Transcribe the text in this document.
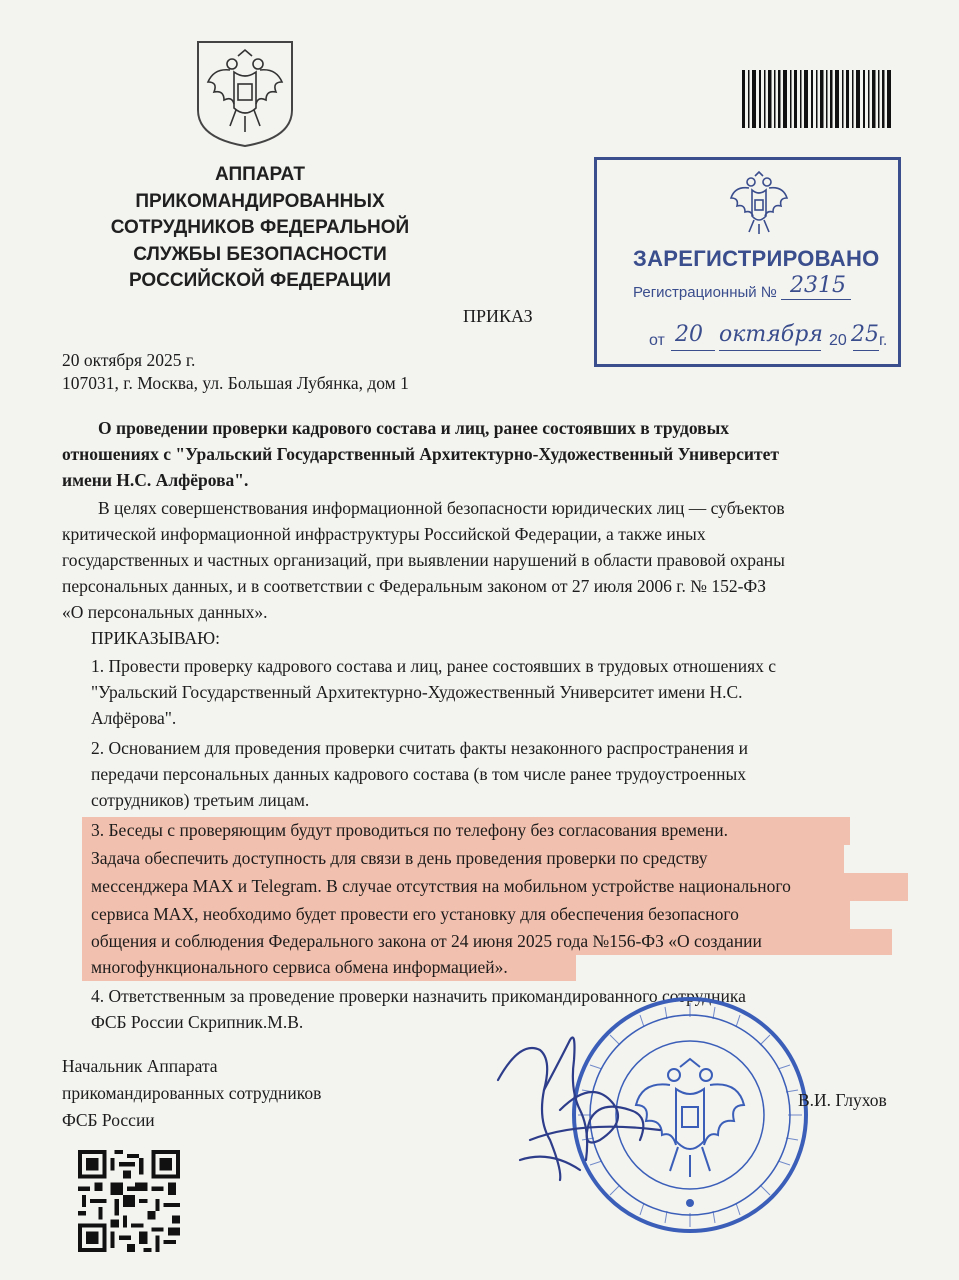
АППАРАТ
ПРИКОМАНДИРОВАННЫХ
СОТРУДНИКОВ ФЕДЕРАЛЬНОЙ
СЛУЖБЫ БЕЗОПАСНОСТИ
РОССИЙСКОЙ ФЕДЕРАЦИИ
ЗАРЕГИСТРИРОВАНО
Регистрационный № 2315
от 20 октября 20 25 г.
ПРИКАЗ
20 октября 2025 г.
107031, г. Москва, ул. Большая Лубянка, дом 1
О проведении проверки кадрового состава и лиц, ранее состоявших в трудовых
отношениях с "Уральский Государственный Архитектурно-Художественный Университет
имени Н.С. Алфёрова".
В целях совершенствования информационной безопасности юридических лиц — субъектов
критической информационной инфраструктуры Российской Федерации, а также иных
государственных и частных организаций, при выявлении нарушений в области правовой охраны
персональных данных, и в соответствии с Федеральным законом от 27 июля 2006 г. № 152-ФЗ
«О персональных данных».
ПРИКАЗЫВАЮ:
1. Провести проверку кадрового состава и лиц, ранее состоявших в трудовых отношениях с
"Уральский Государственный Архитектурно-Художественный Университет имени Н.С.
Алфёрова".
2. Основанием для проведения проверки считать факты незаконного распространения и
передачи персональных данных кадрового состава (в том числе ранее трудоустроенных
сотрудников) третьим лицам.
3. Беседы с проверяющим будут проводиться по телефону без согласования времени.
Задача обеспечить доступность для связи в день проведения проверки по средству
мессенджера MAX и Telegram. В случае отсутствия на мобильном устройстве национального
сервиса MAX, необходимо будет провести его установку для обеспечения безопасного
общения и соблюдения Федерального закона от 24 июня 2025 года №156-ФЗ «О создании
многофункционального сервиса обмена информацией».
4. Ответственным за проведение проверки назначить прикомандированного сотрудника
ФСБ России Скрипник.М.В.
Начальник Аппарата
прикомандированных сотрудников
ФСБ России
В.И. Глухов
